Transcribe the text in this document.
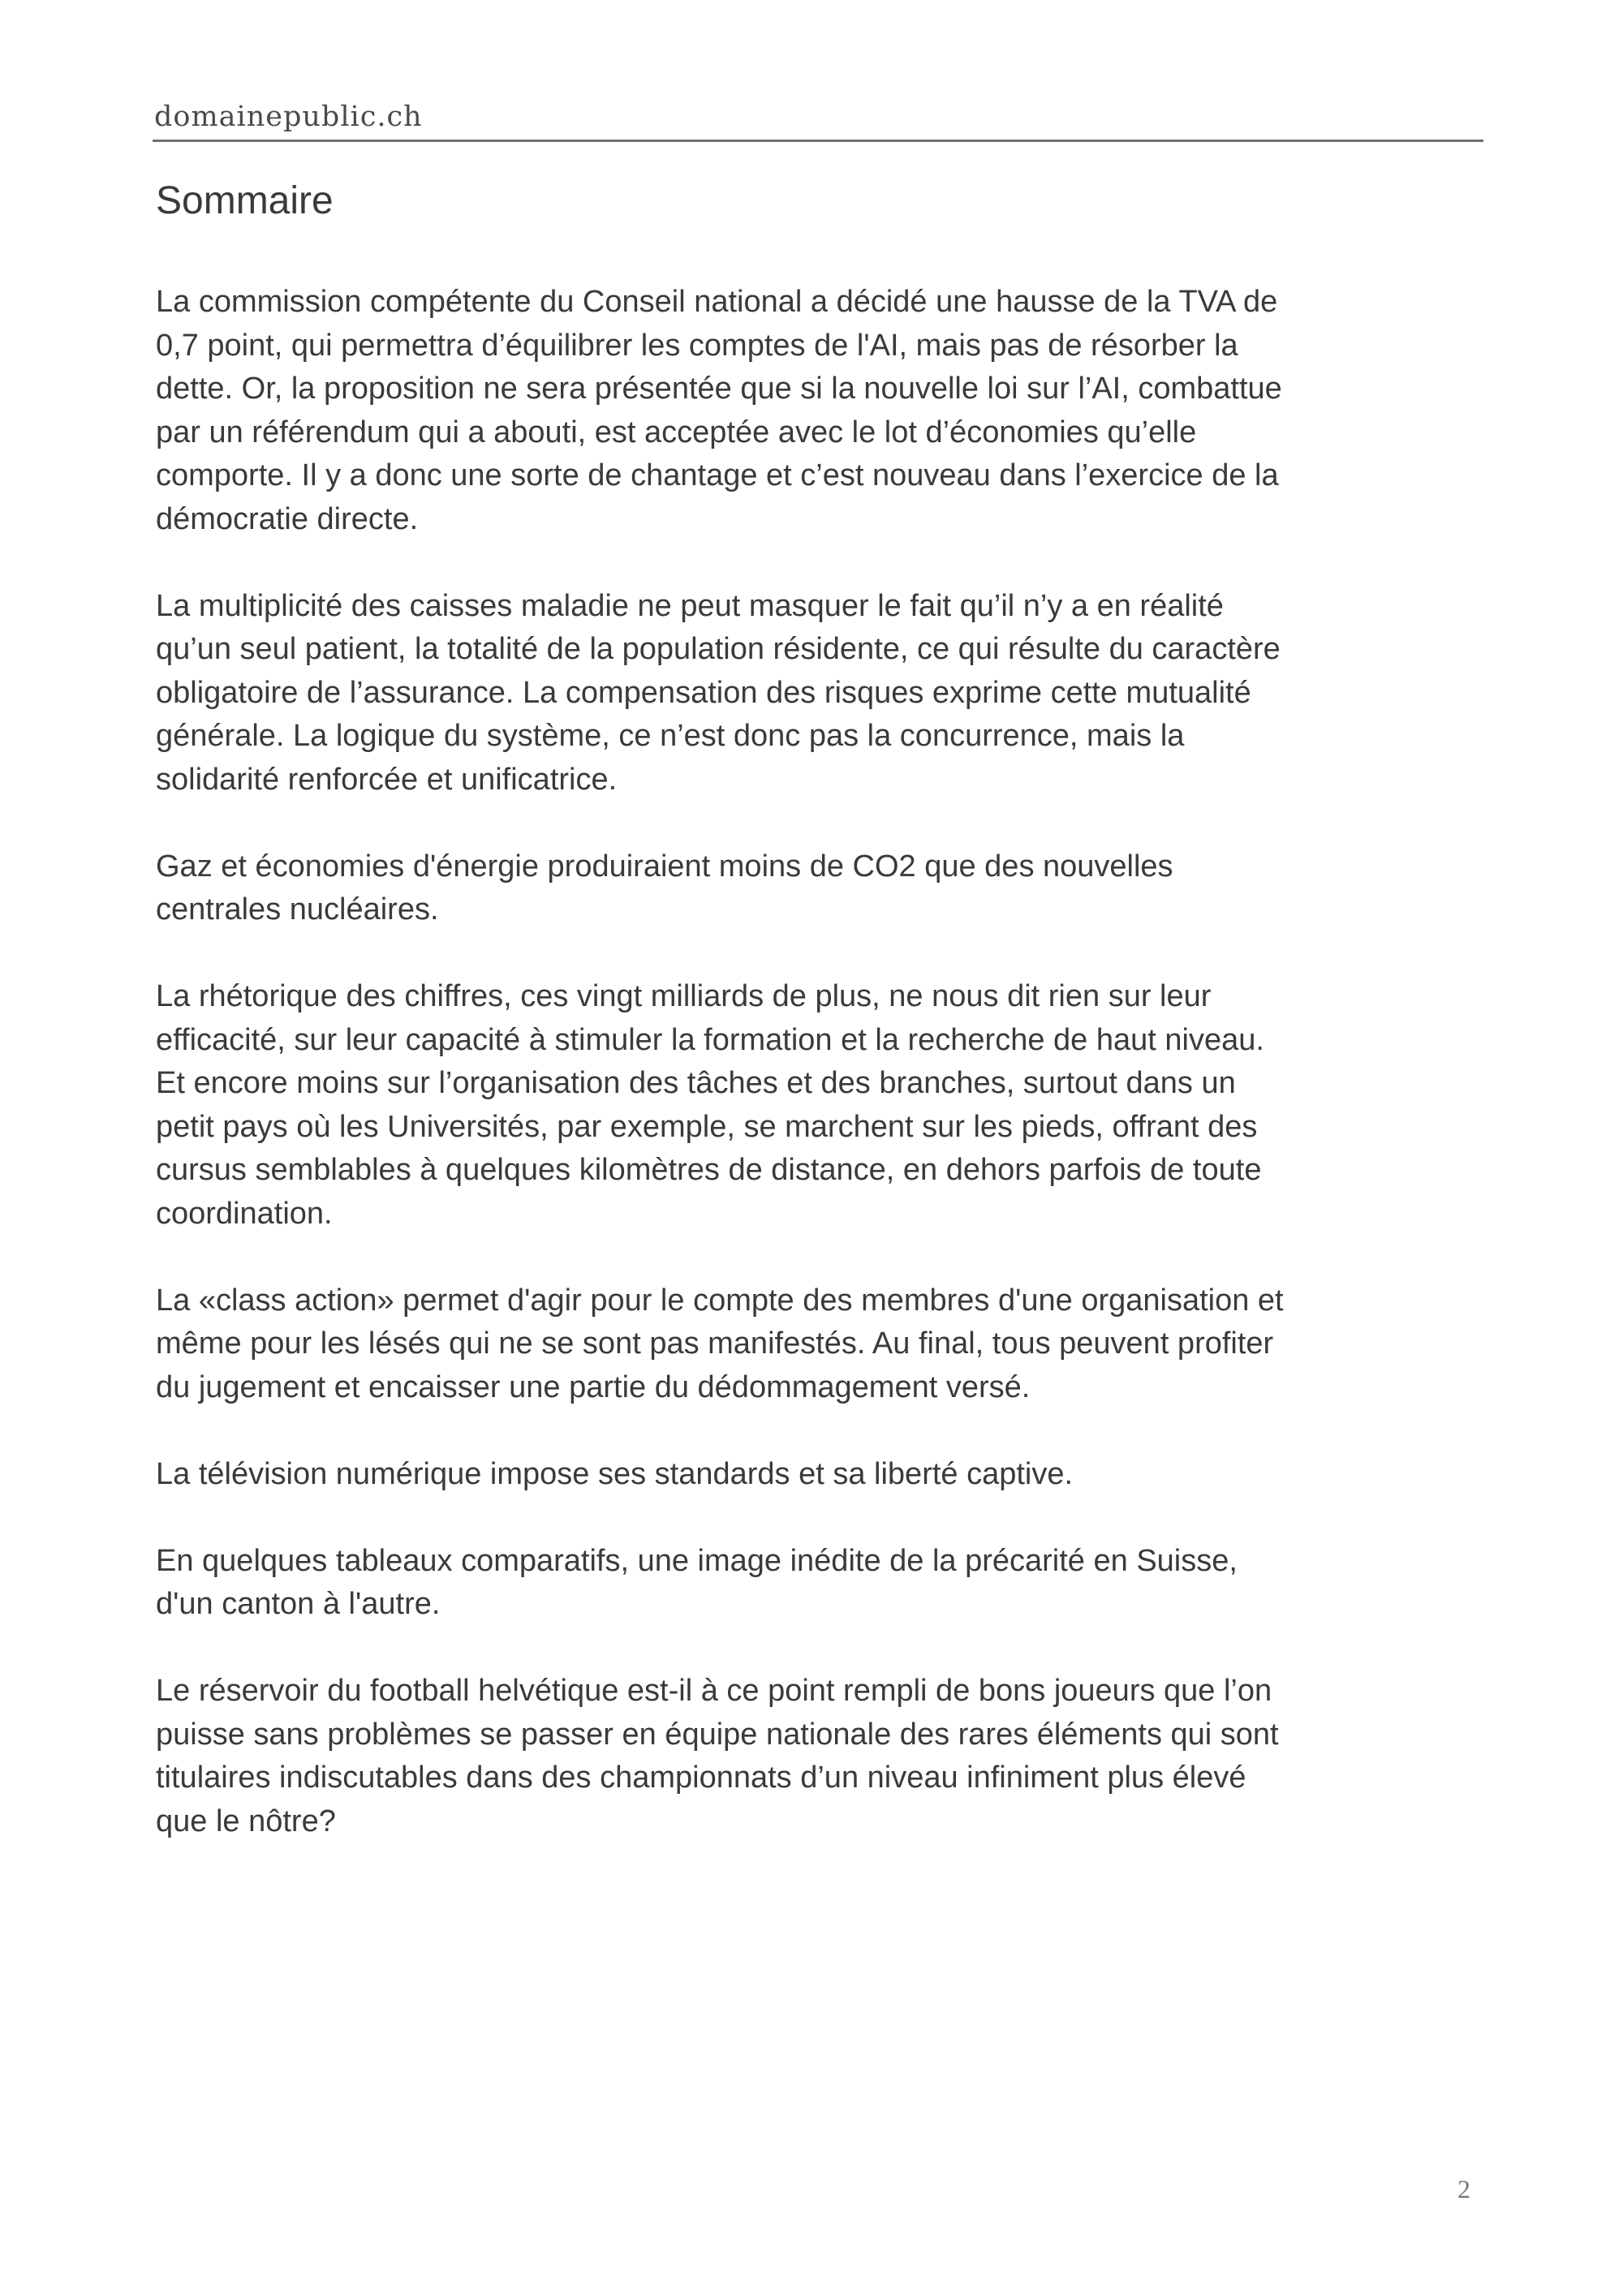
domainepublic.ch
Sommaire

La commission compétente du Conseil national a décidé une hausse de la TVA de
0,7 point, qui permettra d’équilibrer les comptes de l'AI, mais pas de résorber la
dette. Or, la proposition ne sera présentée que si la nouvelle loi sur l’AI, combattue
par un référendum qui a abouti, est acceptée avec le lot d’économies qu’elle
comporte. Il y a donc une sorte de chantage et c’est nouveau dans l’exercice de la
démocratie directe.

La multiplicité des caisses maladie ne peut masquer le fait qu’il n’y a en réalité
qu’un seul patient, la totalité de la population résidente, ce qui résulte du caractère
obligatoire de l’assurance. La compensation des risques exprime cette mutualité
générale. La logique du système, ce n’est donc pas la concurrence, mais la
solidarité renforcée et unificatrice.

Gaz et économies d'énergie produiraient moins de CO2 que des nouvelles
centrales nucléaires.

La rhétorique des chiffres, ces vingt milliards de plus, ne nous dit rien sur leur
efficacité, sur leur capacité à stimuler la formation et la recherche de haut niveau.
Et encore moins sur l’organisation des tâches et des branches, surtout dans un
petit pays où les Universités, par exemple, se marchent sur les pieds, offrant des
cursus semblables à quelques kilomètres de distance, en dehors parfois de toute
coordination.

La «class action» permet d'agir pour le compte des membres d'une organisation et
même pour les lésés qui ne se sont pas manifestés. Au final, tous peuvent profiter
du jugement et encaisser une partie du dédommagement versé.

La télévision numérique impose ses standards et sa liberté captive.

En quelques tableaux comparatifs, une image inédite de la précarité en Suisse,
d'un canton à l'autre.

Le réservoir du football helvétique est-il à ce point rempli de bons joueurs que l’on
puisse sans problèmes se passer en équipe nationale des rares éléments qui sont
titulaires indiscutables dans des championnats d’un niveau infiniment plus élevé
que le nôtre?

2
